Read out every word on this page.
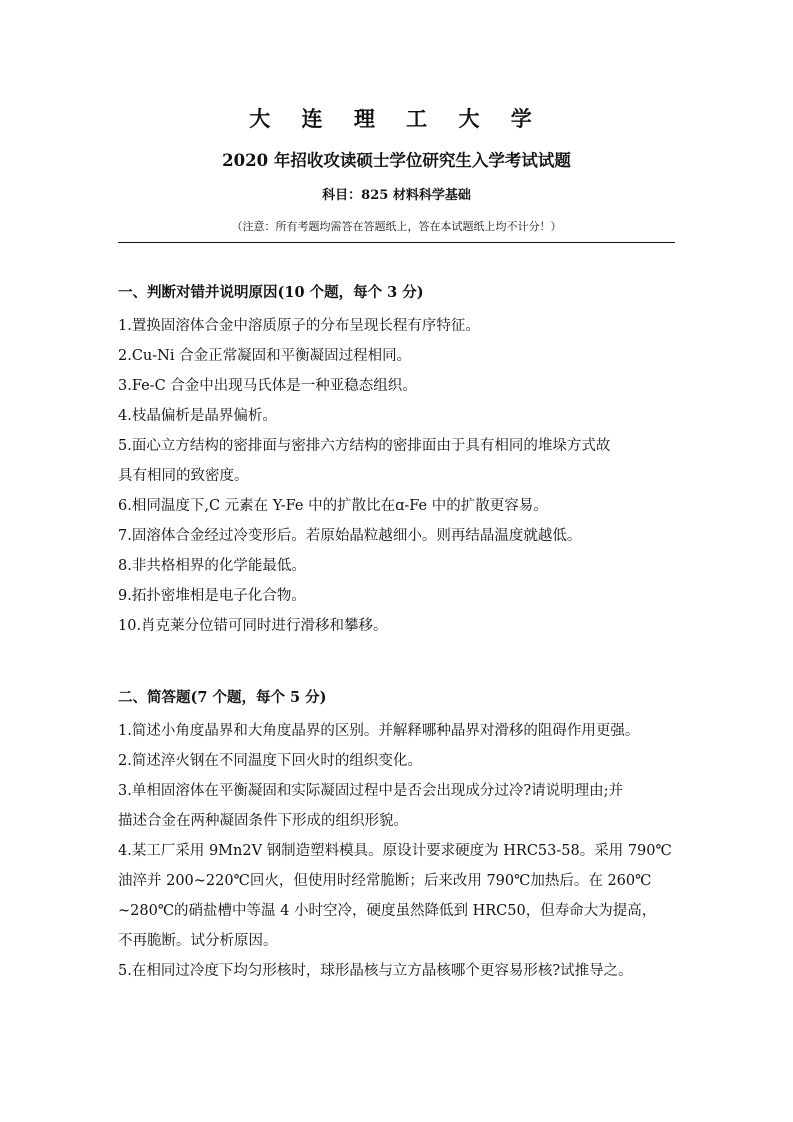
大 连 理 工 大 学
2020 年招收攻读硕士学位研究生入学考试试题
科目：825 材料科学基础
（注意：所有考题均需答在答题纸上，答在本试题纸上均不计分！）
一、判断对错并说明原因(10 个题，每个 3 分)
1.置换固溶体合金中溶质原子的分布呈现长程有序特征。
2.Cu-Ni 合金正常凝固和平衡凝固过程相同。
3.Fe-C 合金中出现马氏体是一种亚稳态组织。
4.枝晶偏析是晶界偏析。
5.面心立方结构的密排面与密排六方结构的密排面由于具有相同的堆垛方式故
具有相同的致密度。
6.相同温度下,C 元素在 Y-Fe 中的扩散比在ɑ-Fe 中的扩散更容易。
7.固溶体合金经过冷变形后。若原始晶粒越细小。则再结晶温度就越低。
8.非共格相界的化学能最低。
9.拓扑密堆相是电子化合物。
10.肖克莱分位错可同时进行滑移和攀移。
二、简答题(7 个题，每个 5 分)
1.简述小角度晶界和大角度晶界的区别。并解释哪种晶界对滑移的阻碍作用更强。
2.简述淬火钢在不同温度下回火时的组织变化。
3.单相固溶体在平衡凝固和实际凝固过程中是否会出现成分过冷?请说明理由;并
描述合金在两种凝固条件下形成的组织形貌。
4.某工厂采用 9Mn2V 钢制造塑料模具。原设计要求硬度为 HRC53-58。采用 790℃
油淬并 200~220℃回火，但使用时经常脆断；后来改用 790℃加热后。在 260℃
~280℃的硝盐槽中等温 4 小时空冷，硬度虽然降低到 HRC50，但寿命大为提高，
不再脆断。试分析原因。
5.在相同过冷度下均匀形核时，球形晶核与立方晶核哪个更容易形核?试推导之。
